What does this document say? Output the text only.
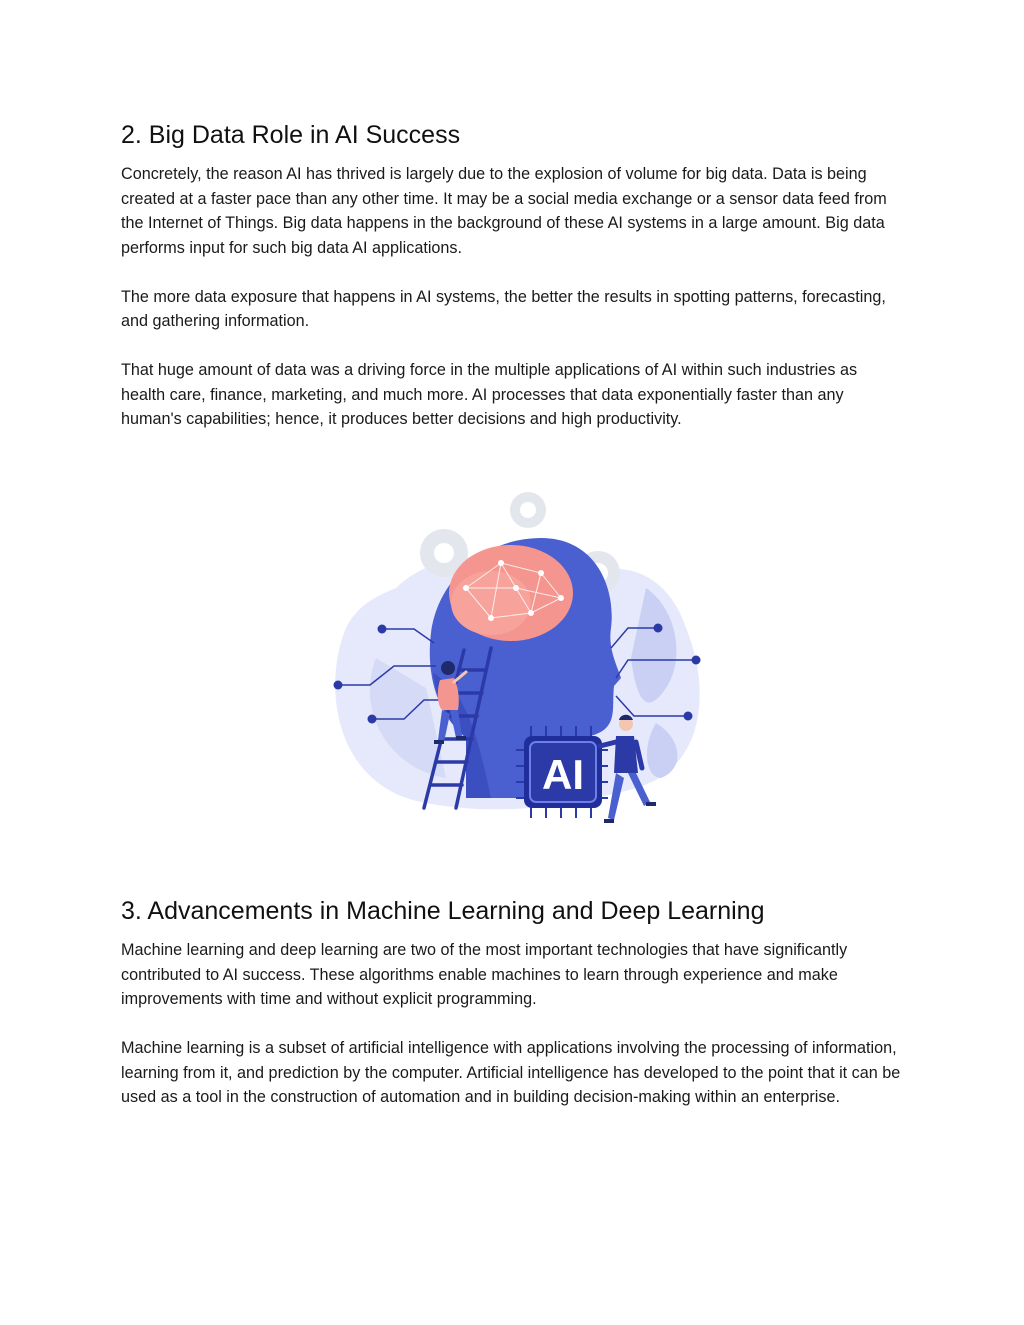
2. Big Data Role in AI Success

Concretely, the reason AI has thrived is largely due to the explosion of volume for big data. Data is being created at a faster pace than any other time. It may be a social media exchange or a sensor data feed from the Internet of Things. Big data happens in the background of these AI systems in a large amount. Big data performs input for such big data AI applications.

The more data exposure that happens in AI systems, the better the results in spotting patterns, forecasting, and gathering information.

That huge amount of data was a driving force in the multiple applications of AI within such industries as health care, finance, marketing, and much more. AI processes that data exponentially faster than any human's capabilities; hence, it produces better decisions and high productivity.

AI
3. Advancements in Machine Learning and Deep Learning

Machine learning and deep learning are two of the most important technologies that have significantly contributed to AI success. These algorithms enable machines to learn through experience and make improvements with time and without explicit programming.

Machine learning is a subset of artificial intelligence with applications involving the processing of information, learning from it, and prediction by the computer. Artificial intelligence has developed to the point that it can be used as a tool in the construction of automation and in building decision-making within an enterprise.
